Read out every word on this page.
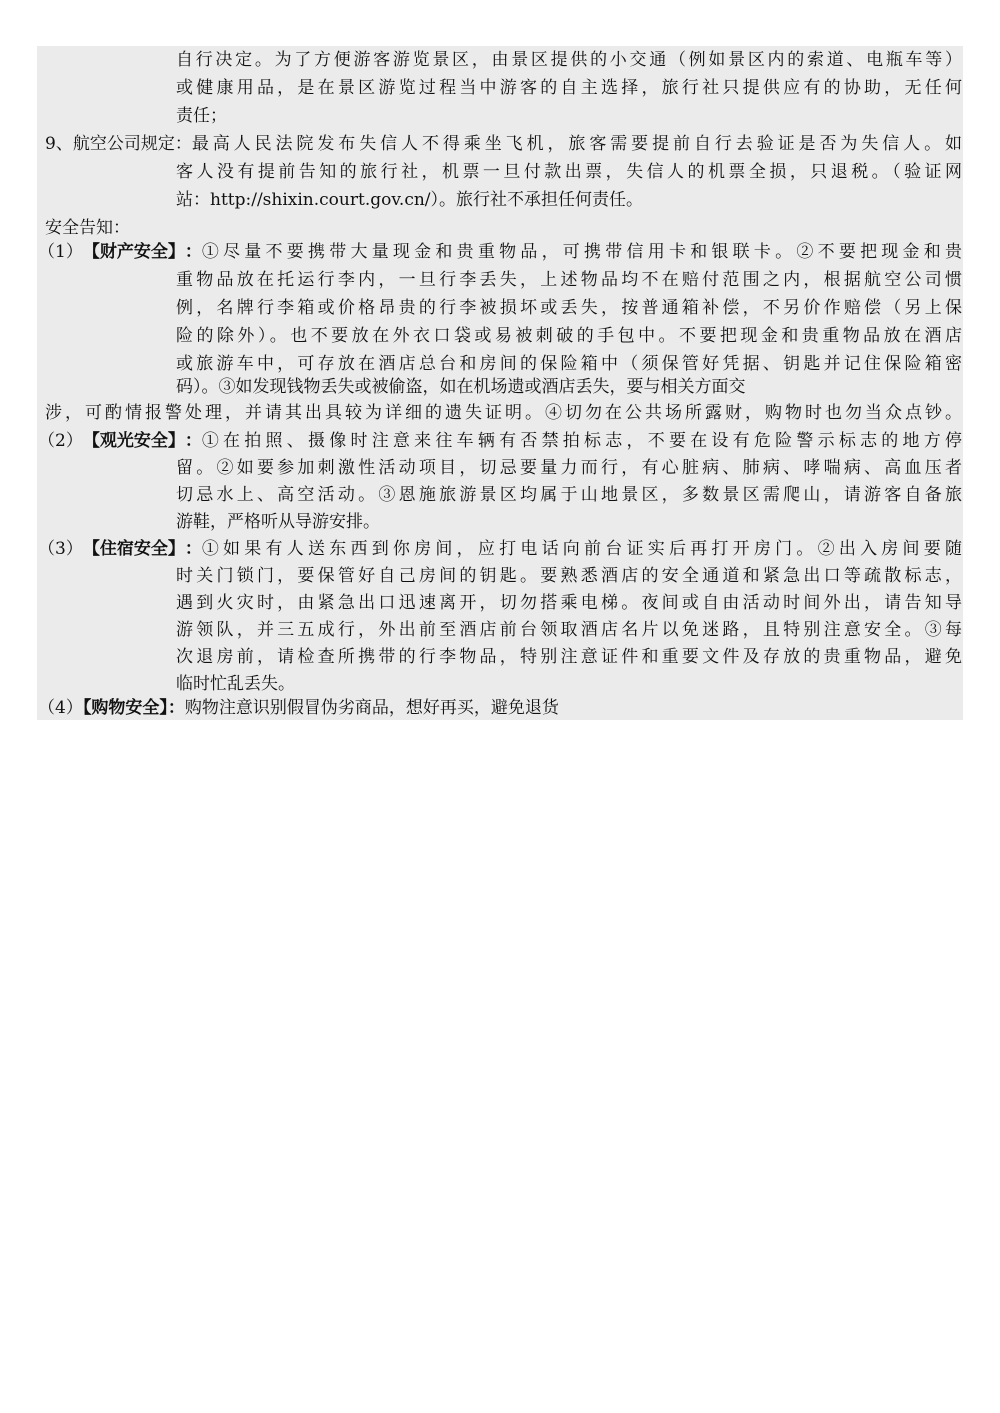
自行决定。为了方便游客游览景区，由景区提供的小交通（例如景区内的索道、电瓶车等）
或健康用品，是在景区游览过程当中游客的自主选择，旅行社只提供应有的协助，无任何
责任；
9、航空公司规定： 最高人民法院发布失信人不得乘坐飞机，旅客需要提前自行去验证是否为失信人。如
客人没有提前告知的旅行社，机票一旦付款出票，失信人的机票全损，只退税。（验证网
站：http://shixin.court.gov.cn/）。旅行社不承担任何责任。
安全告知：
（1） 【财产安全】 ： ①尽量不要携带大量现金和贵重物品，可携带信用卡和银联卡。②不要把现金和贵
重物品放在托运行李内，一旦行李丢失，上述物品均不在赔付范围之内，根据航空公司惯
例，名牌行李箱或价格昂贵的行李被损坏或丢失，按普通箱补偿，不另价作赔偿（另上保
险的除外）。也不要放在外衣口袋或易被刺破的手包中。不要把现金和贵重物品放在酒店
或旅游车中，可存放在酒店总台和房间的保险箱中（须保管好凭据、钥匙并记住保险箱密
码）。③如发现钱物丢失或被偷盗，如在机场遗或酒店丢失，要与相关方面交
涉，可酌情报警处理，并请其出具较为详细的遗失证明。④切勿在公共场所露财，购物时也勿当众点钞。
（2） 【观光安全】 ： ①在拍照、摄像时注意来往车辆有否禁拍标志，不要在设有危险警示标志的地方停
留。②如要参加刺激性活动项目，切忌要量力而行，有心脏病、肺病、哮喘病、高血压者
切忌水上、高空活动。③恩施旅游景区均属于山地景区，多数景区需爬山，请游客自备旅
游鞋，严格听从导游安排。
（3） 【住宿安全】 ： ①如果有人送东西到你房间，应打电话向前台证实后再打开房门。②出入房间要随
时关门锁门，要保管好自己房间的钥匙。要熟悉酒店的安全通道和紧急出口等疏散标志，
遇到火灾时，由紧急出口迅速离开，切勿搭乘电梯。夜间或自由活动时间外出，请告知导
游领队，并三五成行，外出前至酒店前台领取酒店名片以免迷路，且特别注意安全。③每
次退房前，请检查所携带的行李物品，特别注意证件和重要文件及存放的贵重物品，避免
临时忙乱丢失。
（4）【购物安全】：购物注意识别假冒伪劣商品，想好再买，避免退货
